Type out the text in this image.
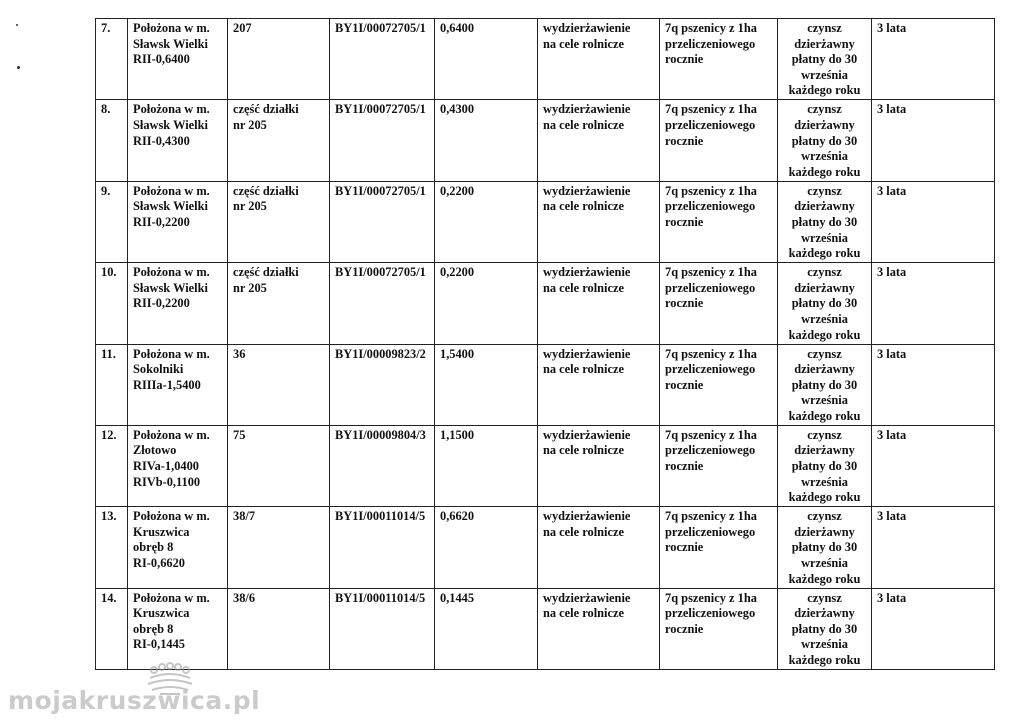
7.	Położona w m.
Sławsk Wielki
RII-0,6400	207	BY1I/00072705/1	0,6400	wydzierżawienie
na cele rolnicze	7q pszenicy z 1ha
przeliczeniowego
rocznie	czynsz
dzierżawny
płatny do 30
września
każdego roku	3 lata
8.	Położona w m.
Sławsk Wielki
RII-0,4300	część działki
nr 205	BY1I/00072705/1	0,4300	wydzierżawienie
na cele rolnicze	7q pszenicy z 1ha
przeliczeniowego
rocznie	czynsz
dzierżawny
płatny do 30
września
każdego roku	3 lata
9.	Położona w m.
Sławsk Wielki
RII-0,2200	część działki
nr 205	BY1I/00072705/1	0,2200	wydzierżawienie
na cele rolnicze	7q pszenicy z 1ha
przeliczeniowego
rocznie	czynsz
dzierżawny
płatny do 30
września
każdego roku	3 lata
10.	Położona w m.
Sławsk Wielki
RII-0,2200	część działki
nr 205	BY1I/00072705/1	0,2200	wydzierżawienie
na cele rolnicze	7q pszenicy z 1ha
przeliczeniowego
rocznie	czynsz
dzierżawny
płatny do 30
września
każdego roku	3 lata
11.	Położona w m.
Sokolniki
RIIIa-1,5400	36	BY1I/00009823/2	1,5400	wydzierżawienie
na cele rolnicze	7q pszenicy z 1ha
przeliczeniowego
rocznie	czynsz
dzierżawny
płatny do 30
września
każdego roku	3 lata
12.	Położona w m.
Złotowo
RIVa-1,0400
RIVb-0,1100	75	BY1I/00009804/3	1,1500	wydzierżawienie
na cele rolnicze	7q pszenicy z 1ha
przeliczeniowego
rocznie	czynsz
dzierżawny
płatny do 30
września
każdego roku	3 lata
13.	Położona w m.
Kruszwica
obręb 8
RI-0,6620	38/7	BY1I/00011014/5	0,6620	wydzierżawienie
na cele rolnicze	7q pszenicy z 1ha
przeliczeniowego
rocznie	czynsz
dzierżawny
płatny do 30
września
każdego roku	3 lata
14.	Położona w m.
Kruszwica
obręb 8
RI-0,1445	38/6	BY1I/00011014/5	0,1445	wydzierżawienie
na cele rolnicze	7q pszenicy z 1ha
przeliczeniowego
rocznie	czynsz
dzierżawny
płatny do 30
września
każdego roku	3 lata
mojakruszwica.pl
